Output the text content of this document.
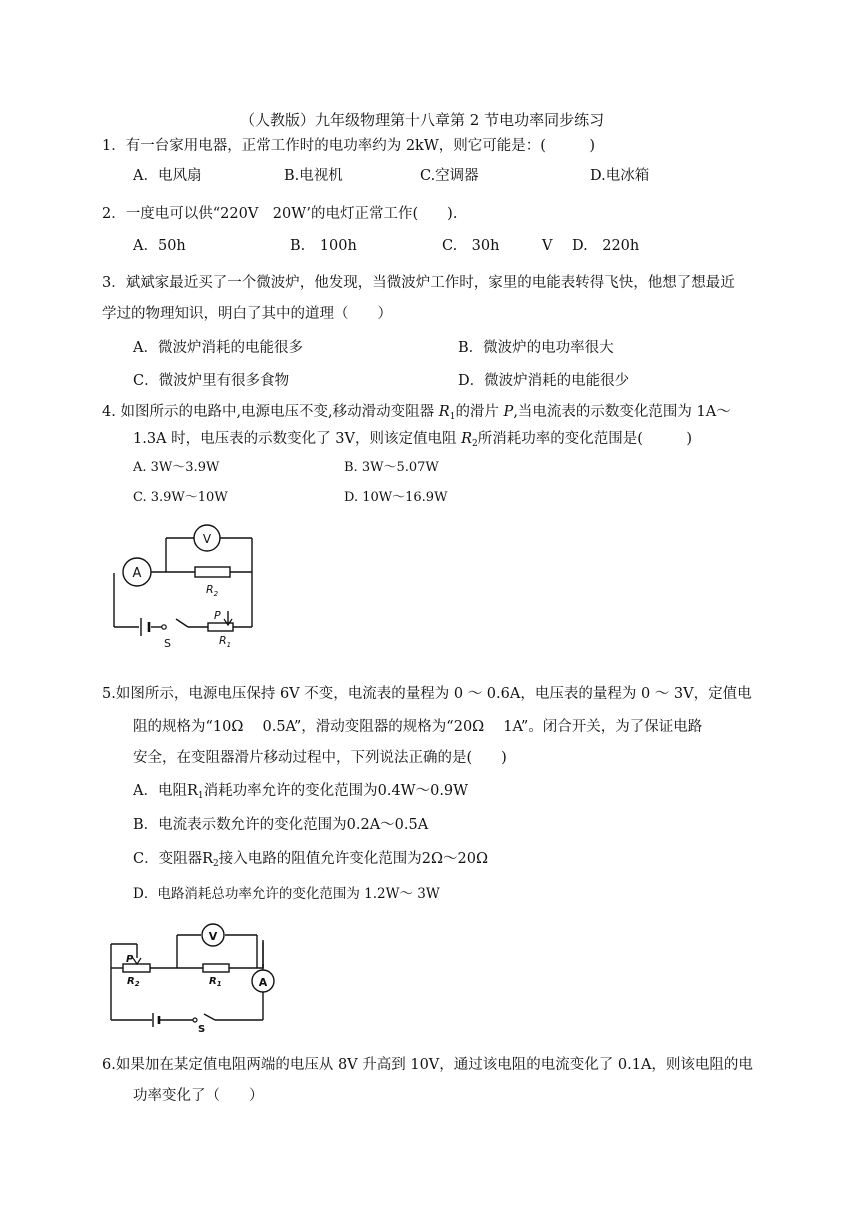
（人教版）九年级物理第十八章第 2 节电功率同步练习
1．有一台家用电器，正常工作时的电功率约为 2kW，则它可能是：(　　　)
A．电风扇	B.电视机	C.空调器	D.电冰箱
2．一度电可以供“220V　20W’的电灯正常工作(　　).
A．50h	B.　100h	C.　30h	V D.　220h
3．斌斌家最近买了一个微波炉，他发现，当微波炉工作时，家里的电能表转得飞快，他想了想最近
学过的物理知识，明白了其中的道理（　　）
A．微波炉消耗的电能很多	B．微波炉的电功率很大
C．微波炉里有很多食物	D．微波炉消耗的电能很少
4. 如图所示的电路中,电源电压不变,移动滑动变阻器 $R_1$的滑片 P,当电流表的示数变化范围为 1A～
1.3A 时，电压表的示数变化了 3V，则该定值电阻 $R_2$所消耗功率的变化范围是(　　　)
A. 3W～3.9W	B. 3W～5.07W
C. 3.9W～10W	D. 10W～16.9W
A
V
$R_2$
S
P
$R_1$
5.如图所示，电源电压保持 6V 不变，电流表的量程为 0 ～ 0.6A，电压表的量程为 0 ～ 3V，定值电
阻的规格为“10Ω　 0.5A”，滑动变阻器的规格为“20Ω　 1A”。闭合开关，为了保证电路
安全，在变阻器滑片移动过程中，下列说法正确的是(　　)
A．电阻$R_1$消耗功率允许的变化范围为0.4W～0.9W
B．电流表示数允许的变化范围为0.2A～0.5A
C．变阻器$R_2$接入电路的阻值允许变化范围为2Ω～20Ω
D．电路消耗总功率允许的变化范围为 1.2W～ 3W
V
A
P
$R_2$	$R_1$
S
6.如果加在某定值电阻两端的电压从 8V 升高到 10V，通过该电阻的电流变化了 0.1A，则该电阻的电
功率变化了（　　）
